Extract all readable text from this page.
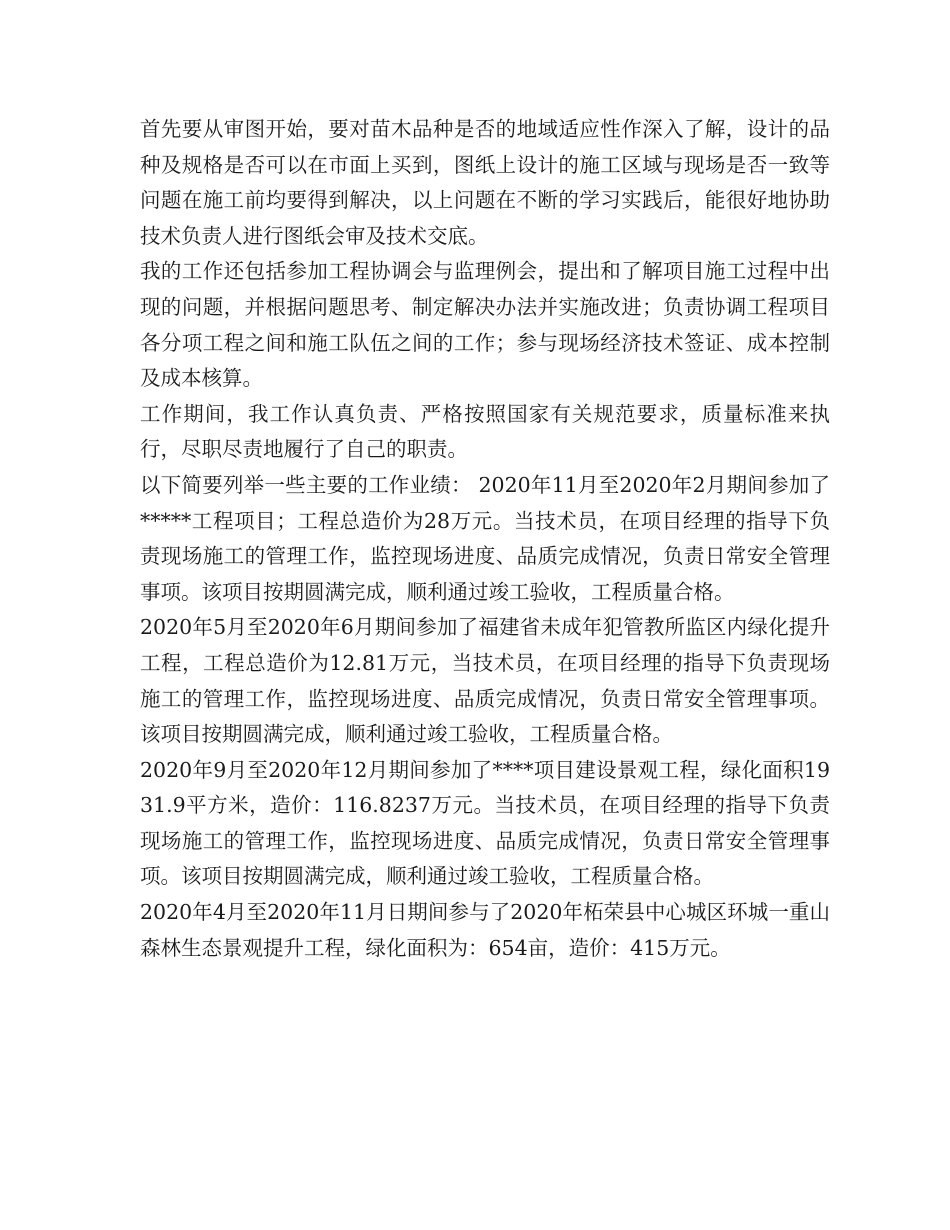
首先要从审图开始，要对苗木品种是否的地域适应性作深入了解，设计的品种及规格是否可以在市面上买到，图纸上设计的施工区域与现场是否一致等问题在施工前均要得到解决，以上问题在不断的学习实践后，能很好地协助技术负责人进行图纸会审及技术交底。

我的工作还包括参加工程协调会与监理例会，提出和了解项目施工过程中出现的问题，并根据问题思考、制定解决办法并实施改进；负责协调工程项目各分项工程之间和施工队伍之间的工作；参与现场经济技术签证、成本控制及成本核算。

工作期间，我工作认真负责、严格按照国家有关规范要求，质量标准来执行，尽职尽责地履行了自己的职责。

以下简要列举一些主要的工作业绩： 2020年11月至2020年2月期间参加了*****工程项目；工程总造价为28万元。当技术员，在项目经理的指导下负责现场施工的管理工作，监控现场进度、品质完成情况，负责日常安全管理事项。该项目按期圆满完成，顺利通过竣工验收，工程质量合格。

2020年5月至2020年6月期间参加了福建省未成年犯管教所监区内绿化提升工程，工程总造价为12.81万元，当技术员，在项目经理的指导下负责现场施工的管理工作，监控现场进度、品质完成情况，负责日常安全管理事项。该项目按期圆满完成，顺利通过竣工验收，工程质量合格。

2020年9月至2020年12月期间参加了****项目建设景观工程，绿化面积1931.9平方米，造价：116.8237万元。当技术员，在项目经理的指导下负责现场施工的管理工作，监控现场进度、品质完成情况，负责日常安全管理事项。该项目按期圆满完成，顺利通过竣工验收，工程质量合格。

2020年4月至2020年11月日期间参与了2020年柘荣县中心城区环城一重山森林生态景观提升工程，绿化面积为：654亩，造价：415万元。
